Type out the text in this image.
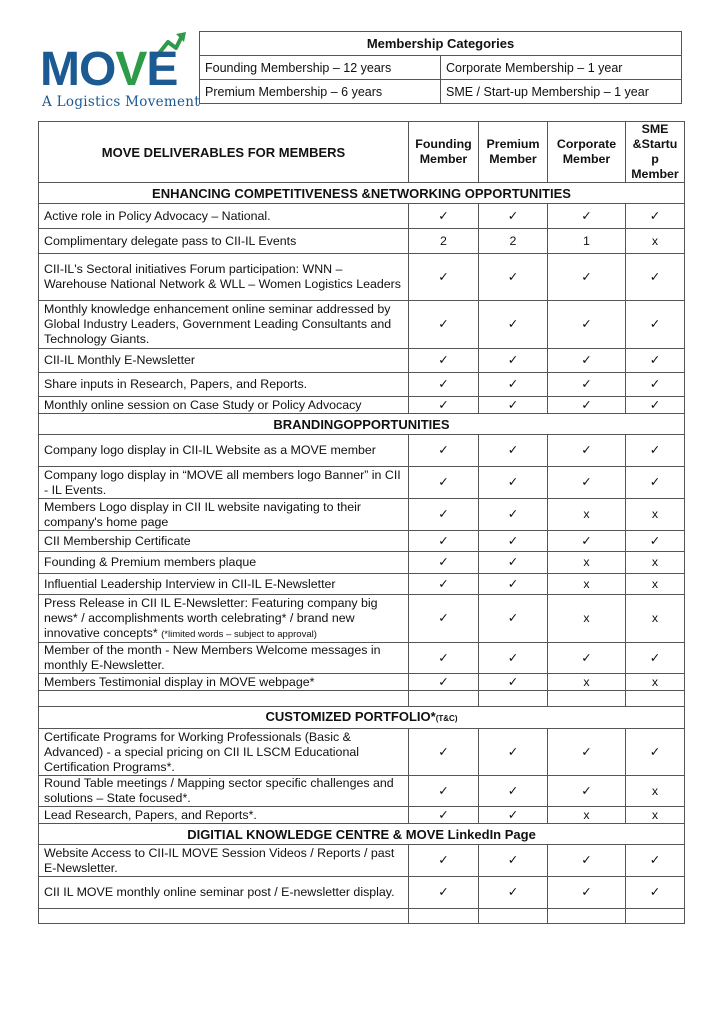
MOVE
A Logistics Movement
Membership Categories	
Founding Membership – 12 years	Corporate Membership – 1 year
Premium Membership – 6 years	SME / Start-up Membership – 1 year
MOVE DELIVERABLES FOR MEMBERS	Founding Member	Premium Member	Corporate Member	SME &Startu p Member
ENHANCING COMPETITIVENESS &NETWORKING OPPORTUNITIES				
Active role in Policy Advocacy – National.	✓	✓	✓	✓
Complimentary delegate pass to CII-IL Events	2	2	1	x
CII-IL's Sectoral initiatives Forum participation: WNN – Warehouse National Network & WLL – Women Logistics Leaders	✓	✓	✓	✓
Monthly knowledge enhancement online seminar addressed by Global Industry Leaders, Government Leading Consultants and Technology Giants.	✓	✓	✓	✓
CII-IL Monthly E-Newsletter	✓	✓	✓	✓
Share inputs in Research, Papers, and Reports.	✓	✓	✓	✓
Monthly online session on Case Study or Policy Advocacy	✓	✓	✓	✓
BRANDINGOPPORTUNITIES				
Company logo display in CII-IL Website as a MOVE member	✓	✓	✓	✓
Company logo display in “MOVE all members logo Banner” in CII - IL Events.	✓	✓	✓	✓
Members Logo display in CII IL website navigating to their company's home page	✓	✓	x	x
CII Membership Certificate	✓	✓	✓	✓
Founding & Premium members plaque	✓	✓	x	x
Influential Leadership Interview in CII-IL E-Newsletter	✓	✓	x	x
Press Release in CII IL E-Newsletter: Featuring company big news* / accomplishments worth celebrating* / brand new innovative concepts* (*limited words – subject to approval)	✓	✓	x	x
Member of the month - New Members Welcome messages in monthly E-Newsletter.	✓	✓	✓	✓
Members Testimonial display in MOVE webpage*	✓	✓	x	x

CUSTOMIZED PORTFOLIO*(T&C)				
Certificate Programs for Working Professionals (Basic & Advanced) - a special pricing on CII IL LSCM Educational Certification Programs*.	✓	✓	✓	✓
Round Table meetings / Mapping sector specific challenges and solutions – State focused*.	✓	✓	✓	x
Lead Research, Papers, and Reports*.	✓	✓	x	x
DIGITIAL KNOWLEDGE CENTRE & MOVE LinkedIn Page				
Website Access to CII-IL MOVE Session Videos / Reports / past E-Newsletter.	✓	✓	✓	✓
CII IL MOVE monthly online seminar post / E-newsletter display.	✓	✓	✓	✓
